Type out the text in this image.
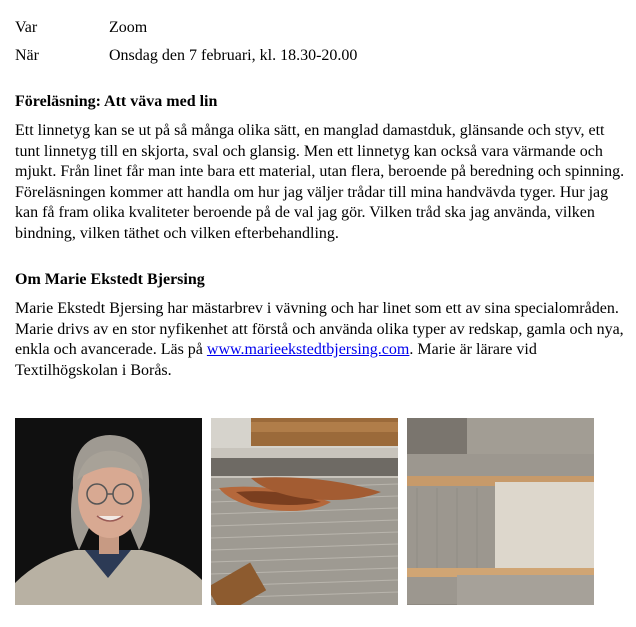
Var	Zoom
När	Onsdag den 7 februari, kl. 18.30-20.00
Föreläsning: Att väva med lin

Ett linnetyg kan se ut på så många olika sätt, en manglad damastduk, glänsande och styv, ett tunt linnetyg till en skjorta, sval och glansig. Men ett linnetyg kan också vara värmande och mjukt. Från linet får man inte bara ett material, utan flera, beroende på beredning och spinning. Föreläsningen kommer att handla om hur jag väljer trådar till mina handvävda tyger. Hur jag kan få fram olika kvaliteter beroende på de val jag gör. Vilken tråd ska jag använda, vilken bindning, vilken täthet och vilken efterbehandling.

Om Marie Ekstedt Bjersing

Marie Ekstedt Bjersing har mästarbrev i vävning och har linet som ett av sina specialområden. Marie drivs av en stor nyfikenhet att förstå och använda olika typer av redskap, gamla och nya, enkla och avancerade. Läs på www.marieekstedtbjersing.com. Marie är lärare vid Textilhögskolan i Borås.
